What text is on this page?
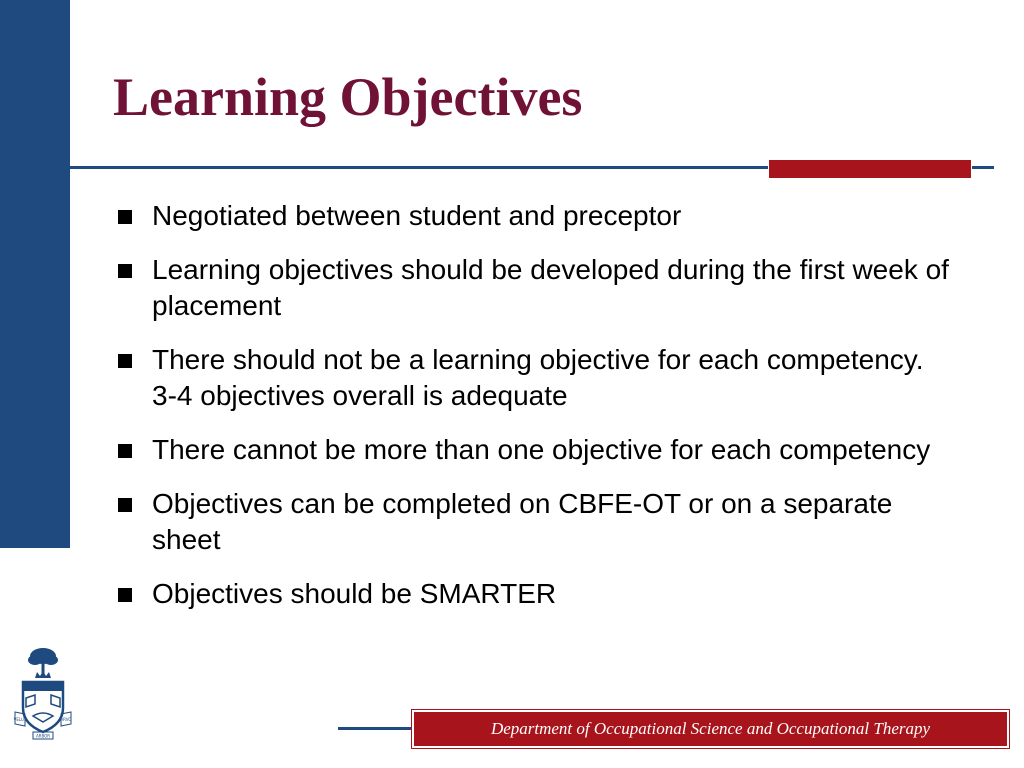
Learning Objectives
Negotiated between student and preceptor
Learning objectives should be developed during the first week of placement
There should not be a learning objective for each competency. 3-4 objectives overall is adequate
There cannot be more than one objective for each competency
Objectives can be completed on CBFE-OT or on a separate sheet
Objectives should be SMARTER
VELUT	ARVO
ARBOR	Department of Occupational Science and Occupational Therapy
